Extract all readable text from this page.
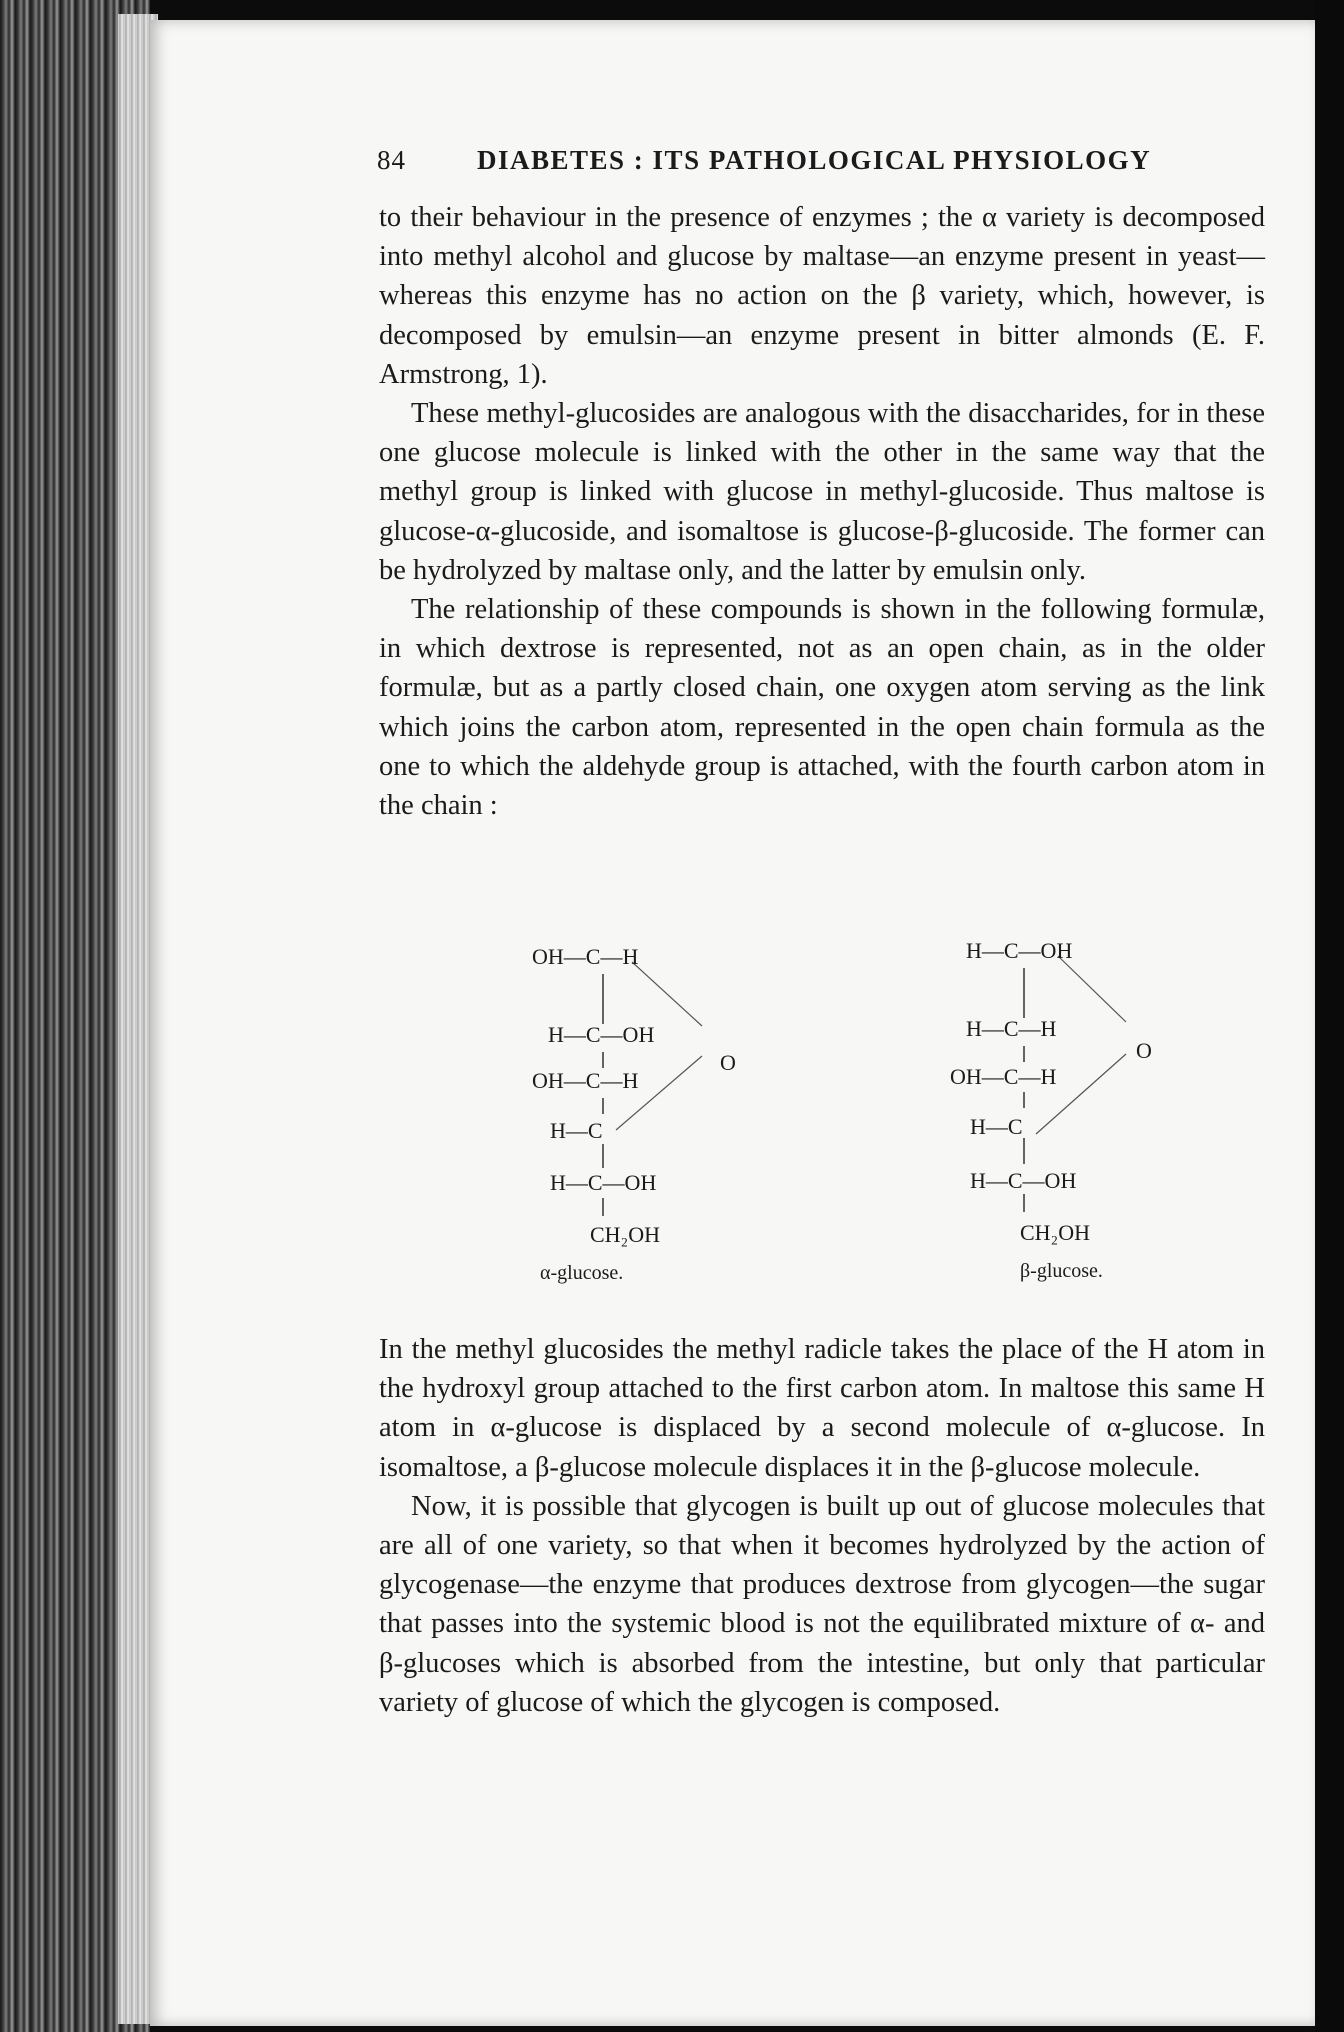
84	DIABETES : ITS PATHOLOGICAL PHYSIOLOGY

to their behaviour in the presence of enzymes ; the α variety is decomposed into methyl alcohol and glucose by maltase—an enzyme present in yeast—whereas this enzyme has no action on the β variety, which, however, is decomposed by emulsin—an enzyme present in bitter almonds (E. F. Armstrong, 1).

These methyl-glucosides are analogous with the disaccharides, for in these one glucose molecule is linked with the other in the same way that the methyl group is linked with glucose in methyl-glucoside. Thus maltose is glucose-α-glucoside, and isomaltose is glucose-β-glucoside. The former can be hydrolyzed by maltase only, and the latter by emulsin only.

The relationship of these compounds is shown in the following formulæ, in which dextrose is represented, not as an open chain, as in the older formulæ, but as a partly closed chain, one oxygen atom serving as the link which joins the carbon atom, represented in the open chain formula as the one to which the aldehyde group is attached, with the fourth carbon atom in the chain :

OH—C—H
H—C—OH
OH—C—H
H—C
H—C—OH
CH₂OH
O
α-glucose.
H—C—OH
H—C—H
OH—C—H
H—C
H—C—OH
CH₂OH
O
β-glucose.

In the methyl glucosides the methyl radicle takes the place of the H atom in the hydroxyl group attached to the first carbon atom. In maltose this same H atom in α-glucose is displaced by a second molecule of α-glucose. In isomaltose, a β-glucose molecule displaces it in the β-glucose molecule.

Now, it is possible that glycogen is built up out of glucose molecules that are all of one variety, so that when it becomes hydrolyzed by the action of glycogenase—the enzyme that produces dextrose from glycogen—the sugar that passes into the systemic blood is not the equilibrated mixture of α- and β-glucoses which is absorbed from the intestine, but only that particular variety of glucose of which the glycogen is composed.
